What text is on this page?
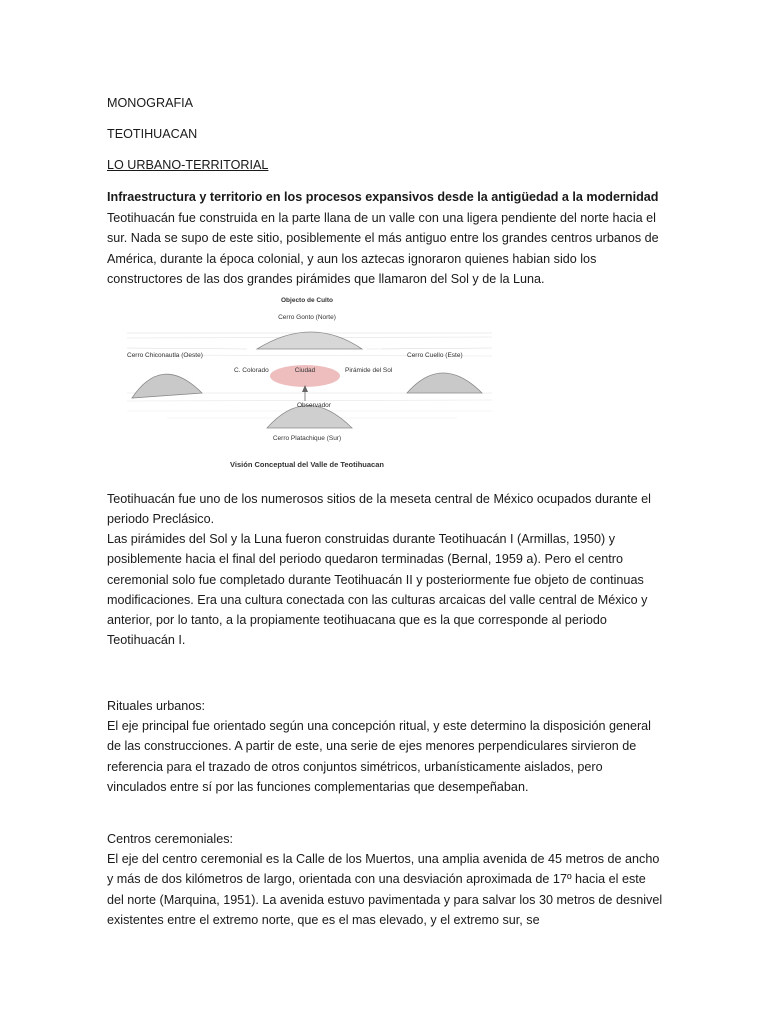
MONOGRAFIA

TEOTIHUACAN

LO URBANO-TERRITORIAL

Infraestructura y territorio en los procesos expansivos desde la antigüedad a la modernidad

Teotihuacán fue construida en la parte llana de un valle con una ligera pendiente del norte hacia el sur. Nada se supo de este sitio, posiblemente el más antiguo entre los grandes centros urbanos de América, durante la época colonial, y aun los aztecas ignoraron quienes habian sido los constructores de las dos grandes pirámides que llamaron del Sol y de la Luna.

Objecto de Culto
Cerro Gonto (Norte)
Cerro Chiconautla (Oeste)	Cerro Cuello (Este)
C. Colorado	Ciudad	Pirámide del Sol
Observador
Cerro Platachique (Sur)
Visión Conceptual del Valle de Teotihuacan

Teotihuacán fue uno de los numerosos sitios de la meseta central de México ocupados durante el periodo Preclásico.

Las pirámides del Sol y la Luna fueron construidas durante Teotihuacán I (Armillas, 1950) y posiblemente hacia el final del periodo quedaron terminadas (Bernal, 1959 a). Pero el centro ceremonial solo fue completado durante Teotihuacán II y posteriormente fue objeto de continuas modificaciones. Era una cultura conectada con las culturas arcaicas del valle central de México y anterior, por lo tanto, a la propiamente teotihuacana que es la que corresponde al periodo Teotihuacán I.

Rituales urbanos:

El eje principal fue orientado según una concepción ritual, y este determino la disposición general de las construcciones. A partir de este, una serie de ejes menores perpendiculares sirvieron de referencia para el trazado de otros conjuntos simétricos, urbanísticamente aislados, pero vinculados entre sí por las funciones complementarias que desempeñaban.

Centros ceremoniales:

El eje del centro ceremonial es la Calle de los Muertos, una amplia avenida de 45 metros de ancho y más de dos kilómetros de largo, orientada con una desviación aproximada de 17º hacia el este del norte (Marquina, 1951). La avenida estuvo pavimentada y para salvar los 30 metros de desnivel existentes entre el extremo norte, que es el mas elevado, y el extremo sur, se
